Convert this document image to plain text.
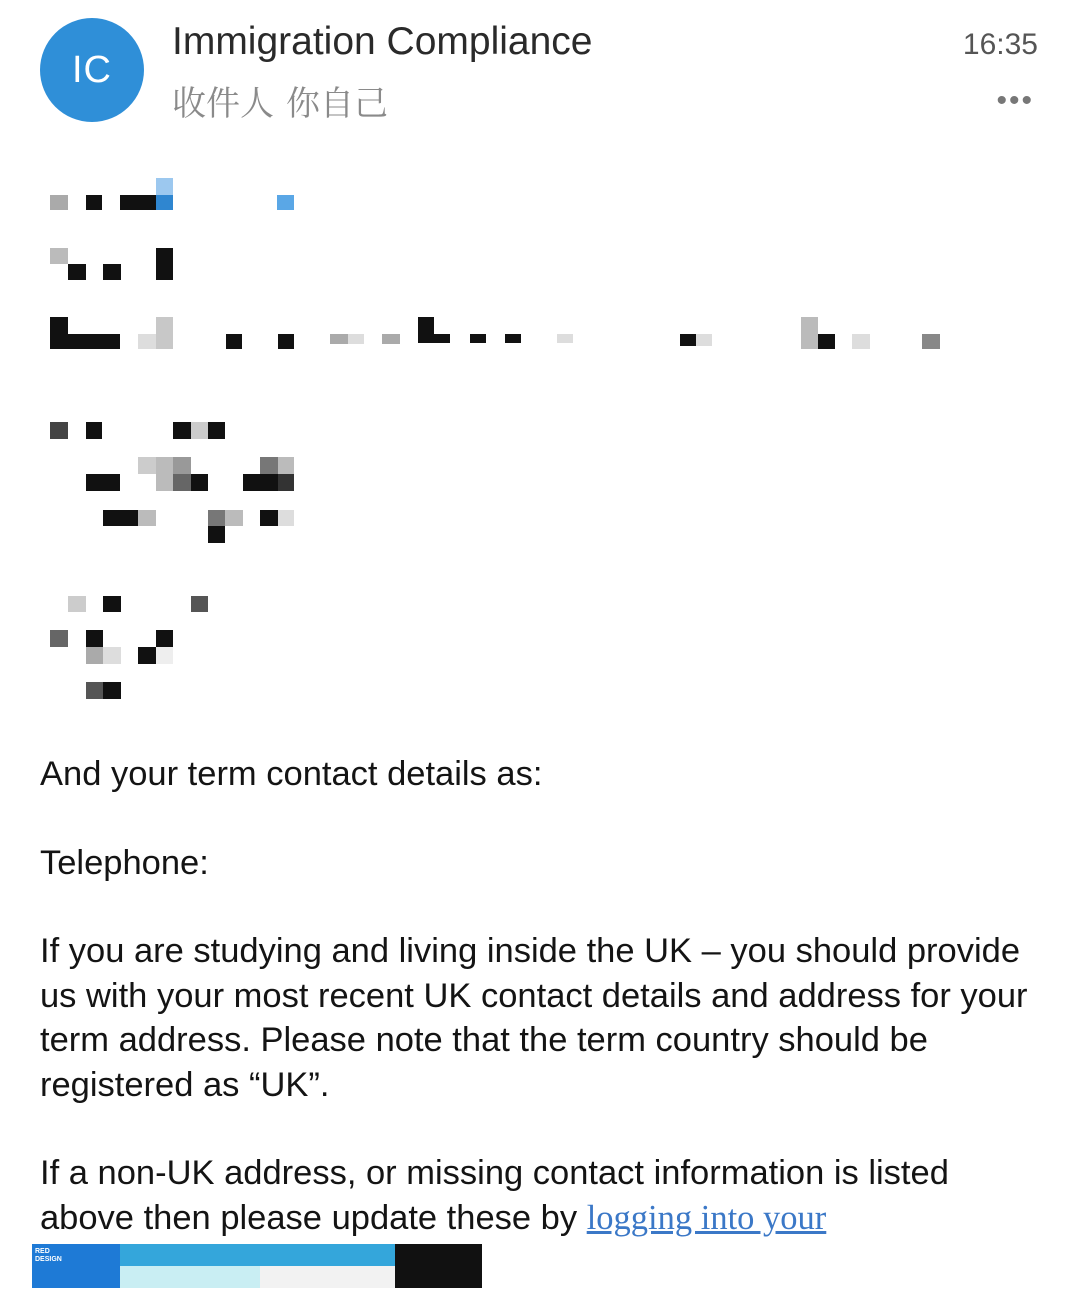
IC
Immigration Compliance
收件人 你自己
16:35
•••

And your term contact details as:

Telephone:

If you are studying and living inside the UK – you should provide us with your most recent UK contact details and address for your term address. Please note that the term country should be registered as “UK”.

If a non-UK address, or missing contact information is listed above then please update these by logging into your

RED
DESIGN
